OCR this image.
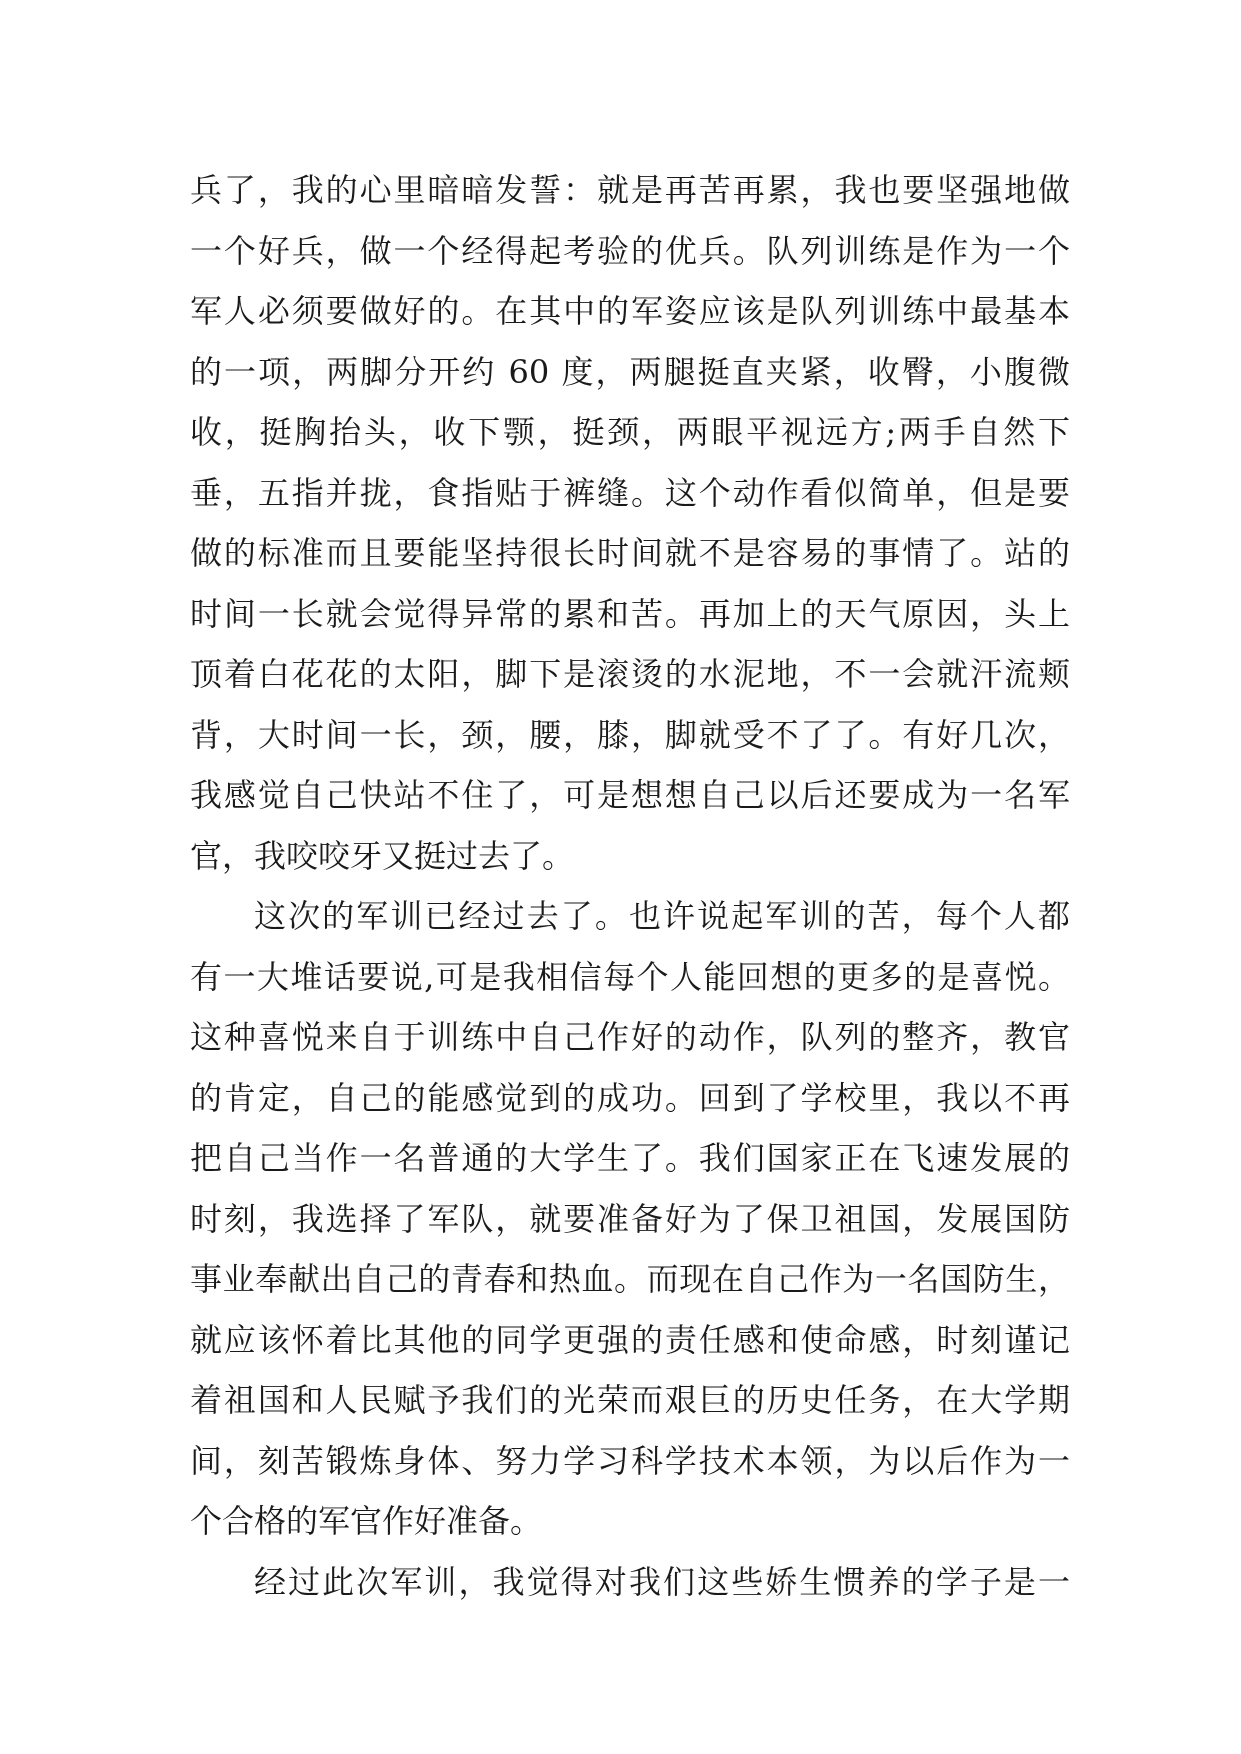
兵了，我的心里暗暗发誓：就是再苦再累，我也要坚强地做
一个好兵，做一个经得起考验的优兵。队列训练是作为一个
军人必须要做好的。在其中的军姿应该是队列训练中最基本
的一项，两脚分开约 60 度，两腿挺直夹紧，收臀，小腹微
收，挺胸抬头，收下颚，挺颈，两眼平视远方;两手自然下
垂，五指并拢，食指贴于裤缝。这个动作看似简单，但是要
做的标准而且要能坚持很长时间就不是容易的事情了。站的
时间一长就会觉得异常的累和苦。再加上的天气原因，头上
顶着白花花的太阳，脚下是滚烫的水泥地，不一会就汗流颊
背，大时间一长，颈，腰，膝，脚就受不了了。有好几次，
我感觉自己快站不住了，可是想想自己以后还要成为一名军
官，我咬咬牙又挺过去了。
这次的军训已经过去了。也许说起军训的苦，每个人都
有一大堆话要说,可是我相信每个人能回想的更多的是喜悦。
这种喜悦来自于训练中自己作好的动作，队列的整齐，教官
的肯定，自己的能感觉到的成功。回到了学校里，我以不再
把自己当作一名普通的大学生了。我们国家正在飞速发展的
时刻，我选择了军队，就要准备好为了保卫祖国，发展国防
事业奉献出自己的青春和热血。而现在自己作为一名国防生，
就应该怀着比其他的同学更强的责任感和使命感，时刻谨记
着祖国和人民赋予我们的光荣而艰巨的历史任务，在大学期
间，刻苦锻炼身体、努力学习科学技术本领，为以后作为一
个合格的军官作好准备。
经过此次军训，我觉得对我们这些娇生惯养的学子是一
